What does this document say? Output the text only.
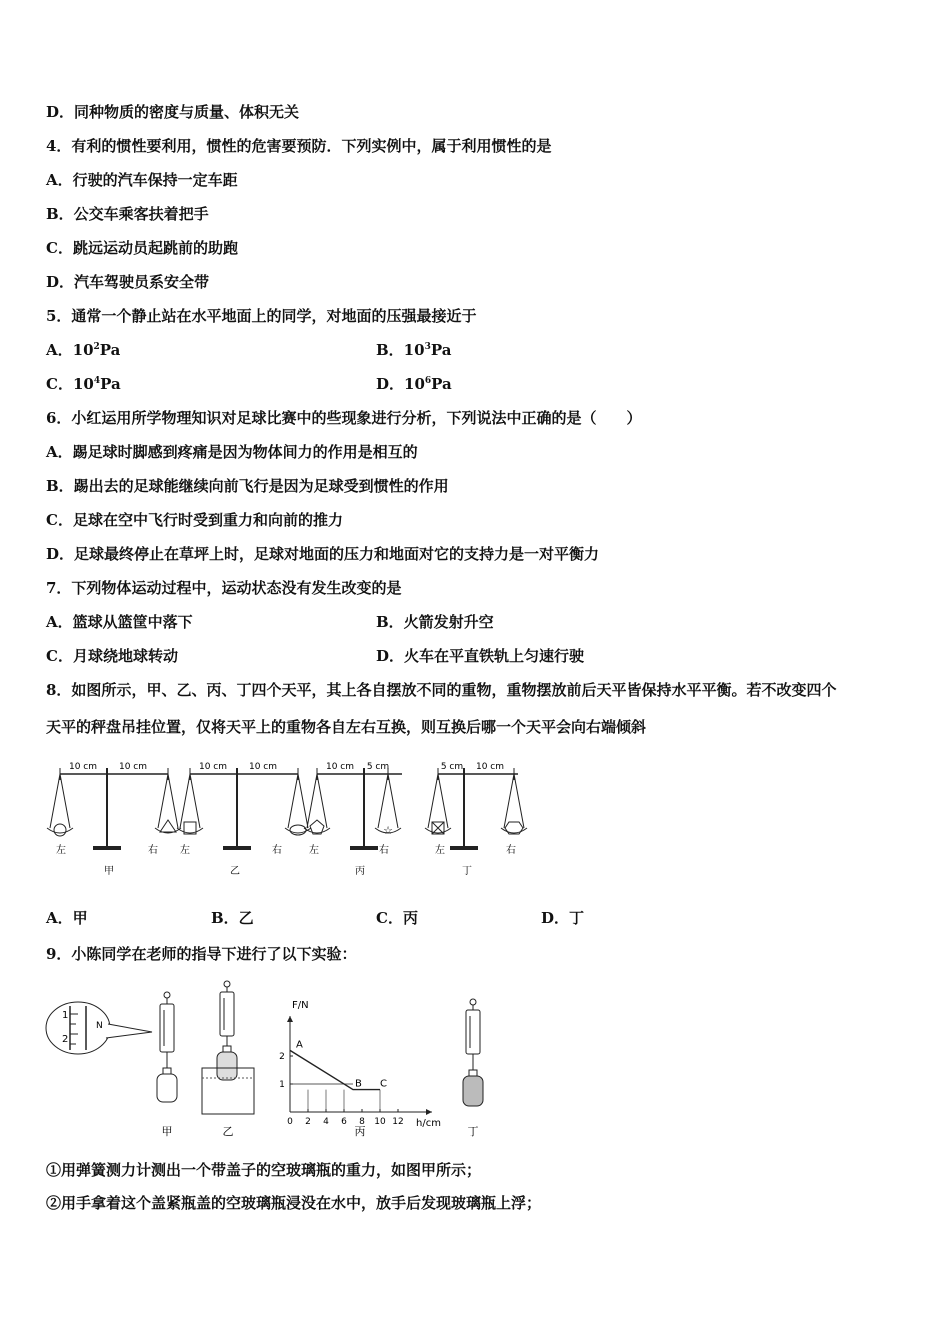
D．同种物质的密度与质量、体积无关
4．有利的惯性要利用，惯性的危害要预防．下列实例中，属于利用惯性的是
A．行驶的汽车保持一定车距
B．公交车乘客扶着把手
C．跳远运动员起跳前的助跑
D．汽车驾驶员系安全带
5．通常一个静止站在水平地面上的同学，对地面的压强最接近于
A．$10^2Pa$	B．$10^3Pa$
C．$10^4Pa$	D．$10^6Pa$
6．小红运用所学物理知识对足球比赛中的些现象进行分析，下列说法中正确的是（　　）
A．踢足球时脚感到疼痛是因为物体间力的作用是相互的
B．踢出去的足球能继续向前飞行是因为足球受到惯性的作用
C．足球在空中飞行时受到重力和向前的推力
D．足球最终停止在草坪上时，足球对地面的压力和地面对它的支持力是一对平衡力
7．下列物体运动过程中，运动状态没有发生改变的是
A．篮球从篮筐中落下	B．火箭发射升空
C．月球绕地球转动	D．火车在平直铁轨上匀速行驶
8．如图所示，甲、乙、丙、丁四个天平，其上各自摆放不同的重物，重物摆放前后天平皆保持水平平衡。若不改变四个
天平的秤盘吊挂位置，仅将天平上的重物各自左右互换，则互换后哪一个天平会向右端倾斜
10 cm 10 cm
左	右
甲
10 cm 10 cm
左	右
乙
10 cm 5 cm
☆
左	右
丙
5 cm 10 cm
左	右
丁
A．甲	B．乙	C．丙	D．丁
9．小陈同学在老师的指导下进行了以下实验：
1
2
N
甲	乙
F/N
h/cm
0 2 4 6 8 10 12
1
2
A
B C
丙	丁
①用弹簧测力计测出一个带盖子的空玻璃瓶的重力，如图甲所示；
②用手拿着这个盖紧瓶盖的空玻璃瓶浸没在水中，放手后发现玻璃瓶上浮；
